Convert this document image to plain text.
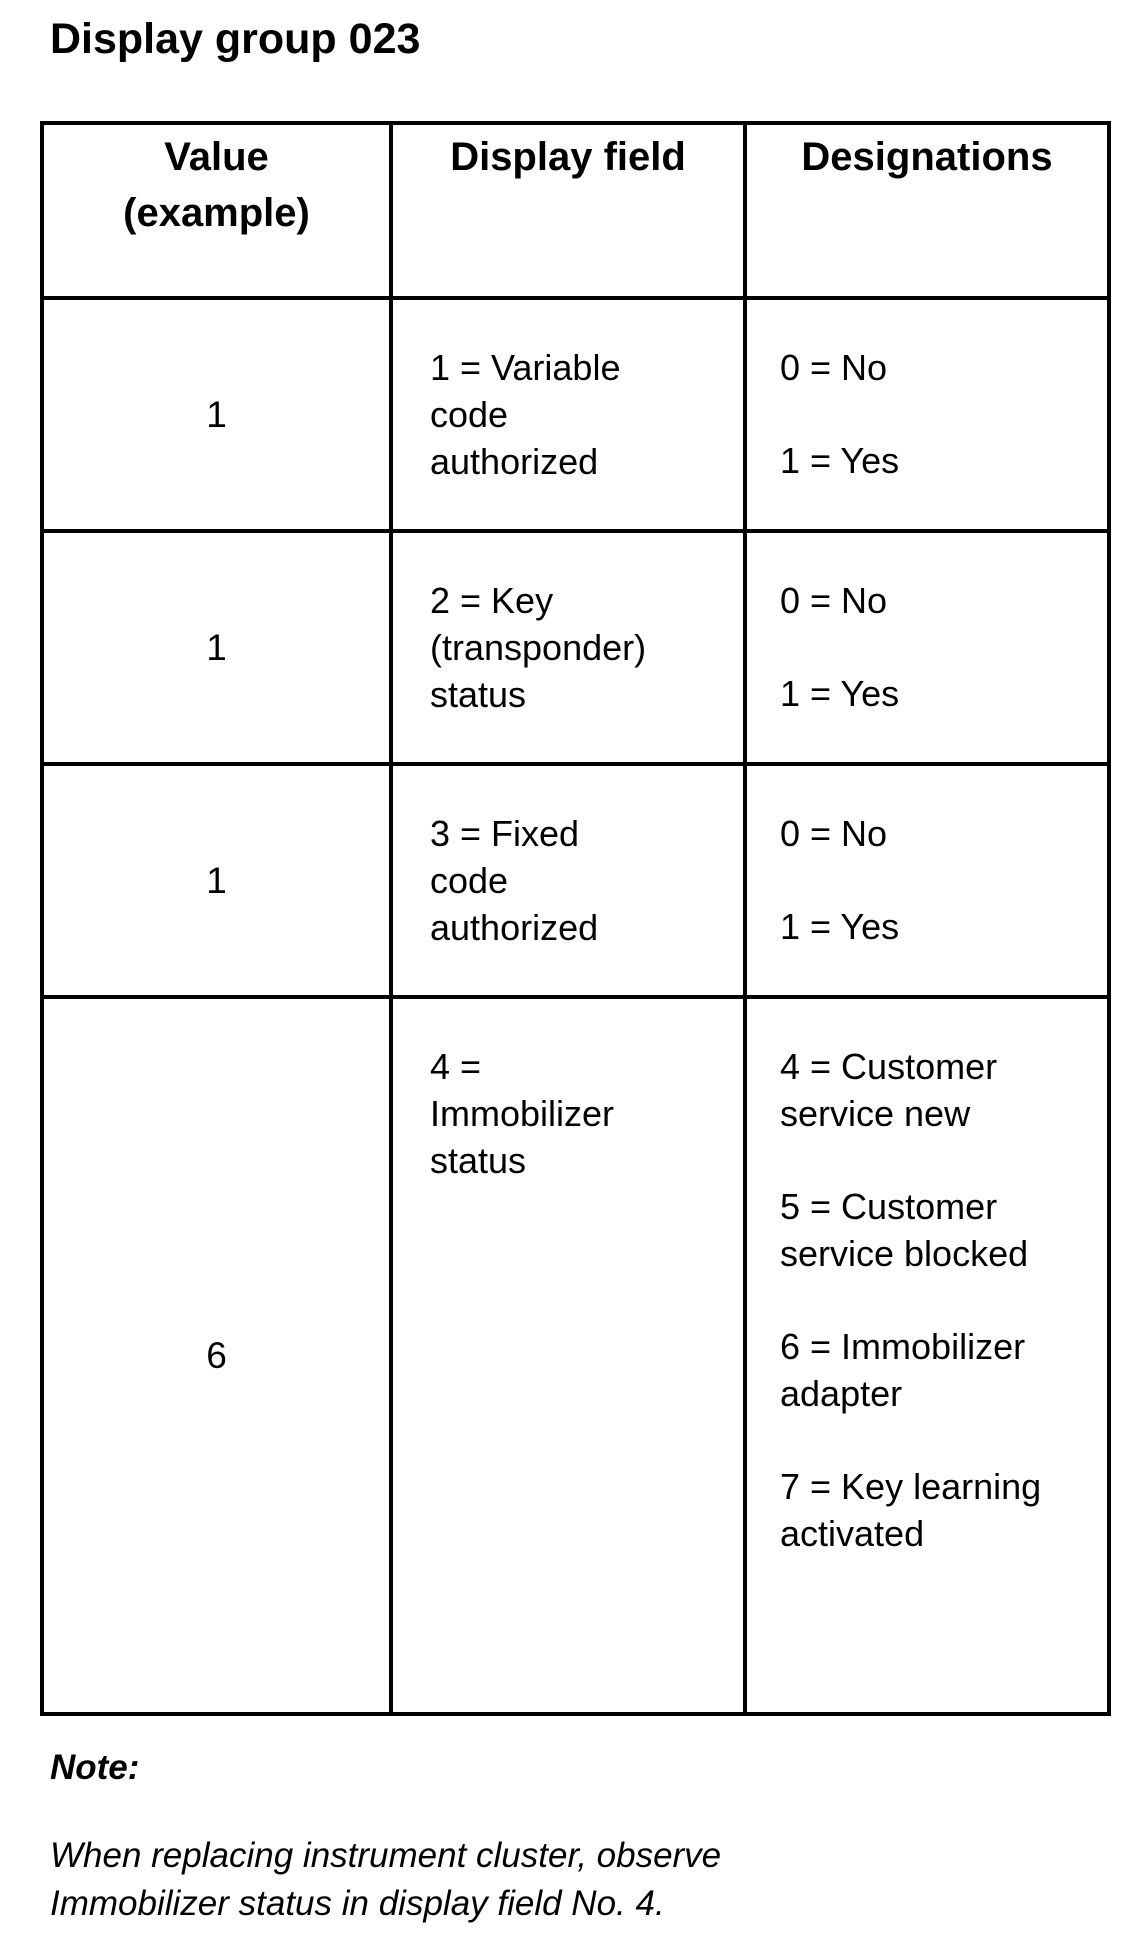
Display group 023
Value
(example)	Display field	Designations
1	1 = Variable code authorized	0 = No
1 = Yes

1	2 = Key (transponder) status	0 = No
1 = Yes

1	3 = Fixed code authorized	0 = No
1 = Yes

6	4 = Immobilizer status	4 = Customer service new
5 = Customer service blocked
6 = Immobilizer adapter
7 = Key learning activated
Note:
When replacing instrument cluster, observe
Immobilizer status in display field No. 4.
